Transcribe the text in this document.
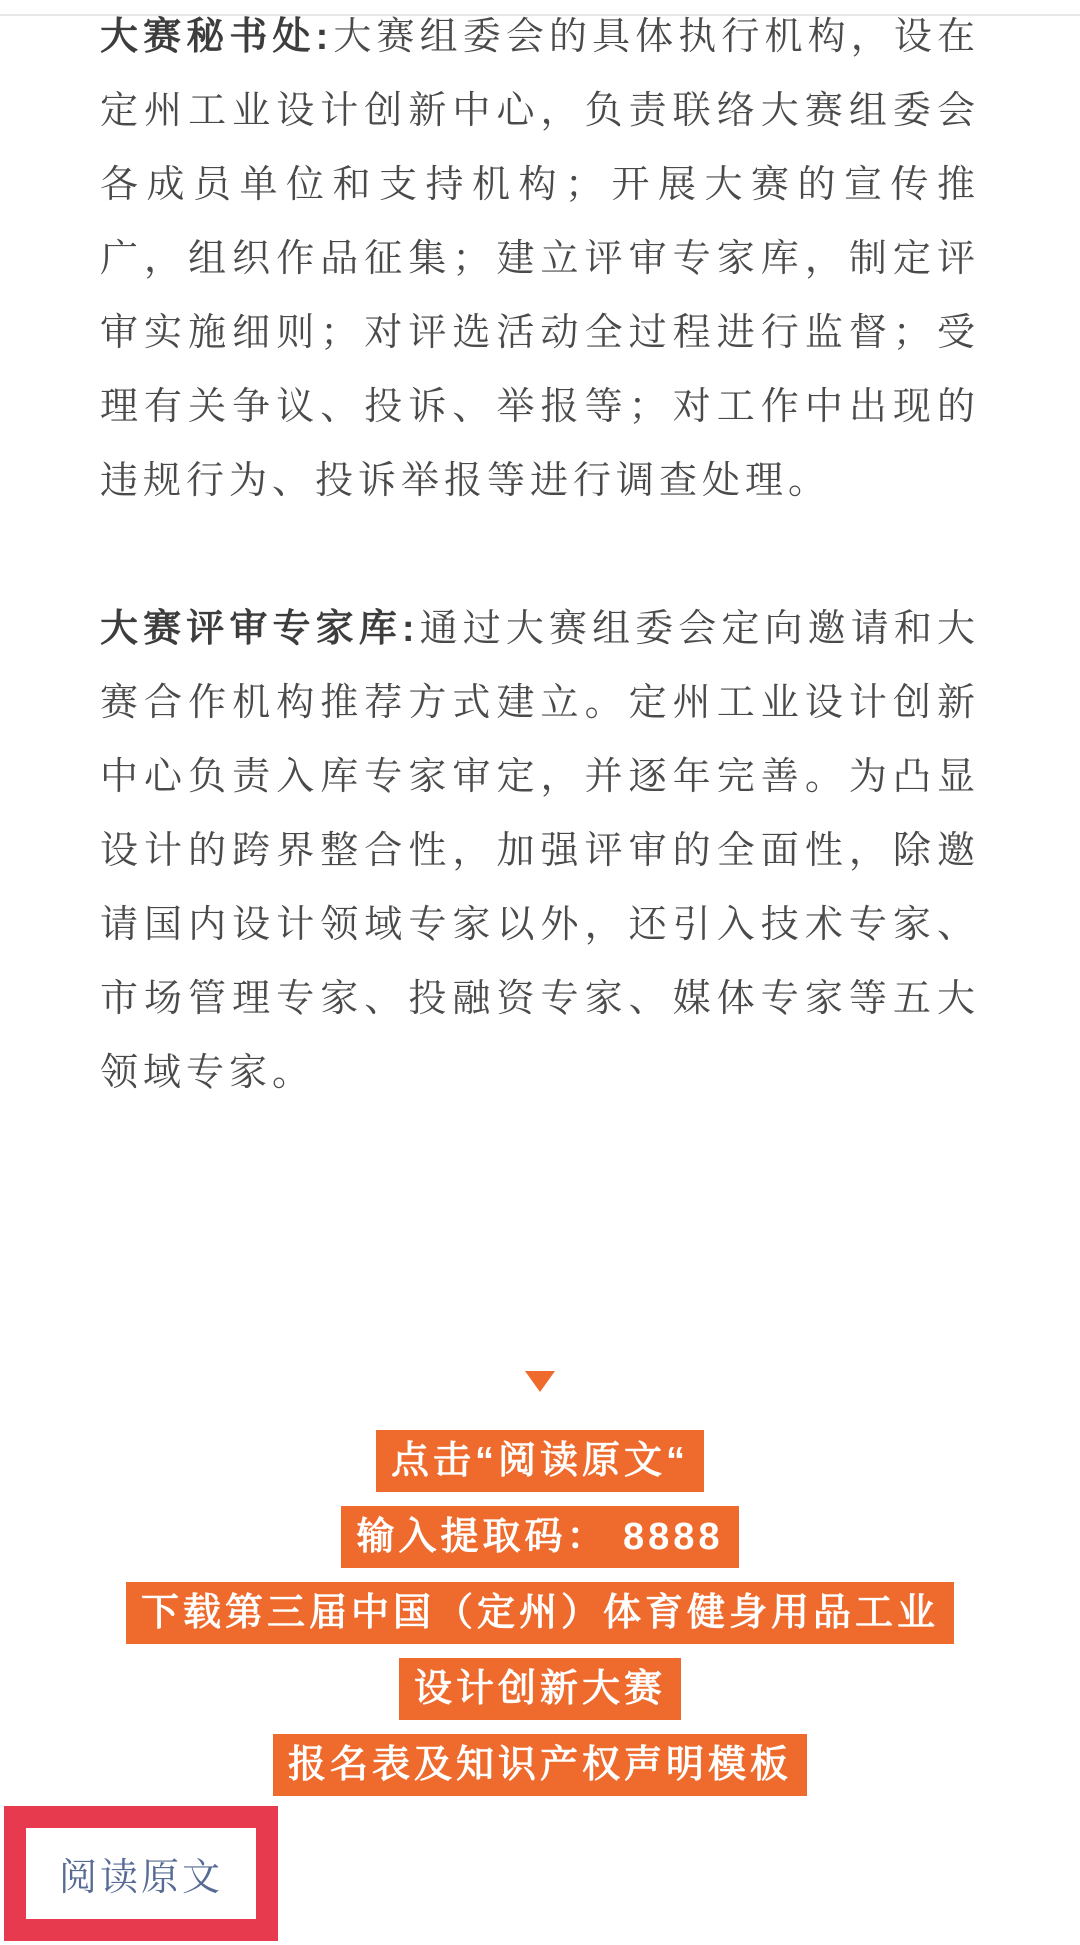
大赛秘书处:大赛组委会的具体执行机构，设在定州工业设计创新中心，负责联络大赛组委会各成员单位和支持机构；开展大赛的宣传推广，组织作品征集；建立评审专家库，制定评审实施细则；对评选活动全过程进行监督；受理有关争议、投诉、举报等；对工作中出现的违规行为、投诉举报等进行调查处理。

大赛评审专家库:通过大赛组委会定向邀请和大赛合作机构推荐方式建立。定州工业设计创新中心负责入库专家审定，并逐年完善。为凸显设计的跨界整合性，加强评审的全面性，除邀请国内设计领域专家以外，还引入技术专家、市场管理专家、投融资专家、媒体专家等五大领域专家。

点击“阅读原文“
输入提取码： 8888
下载第三届中国（定州）体育健身用品工业
设计创新大赛
报名表及知识产权声明模板
阅读原文
